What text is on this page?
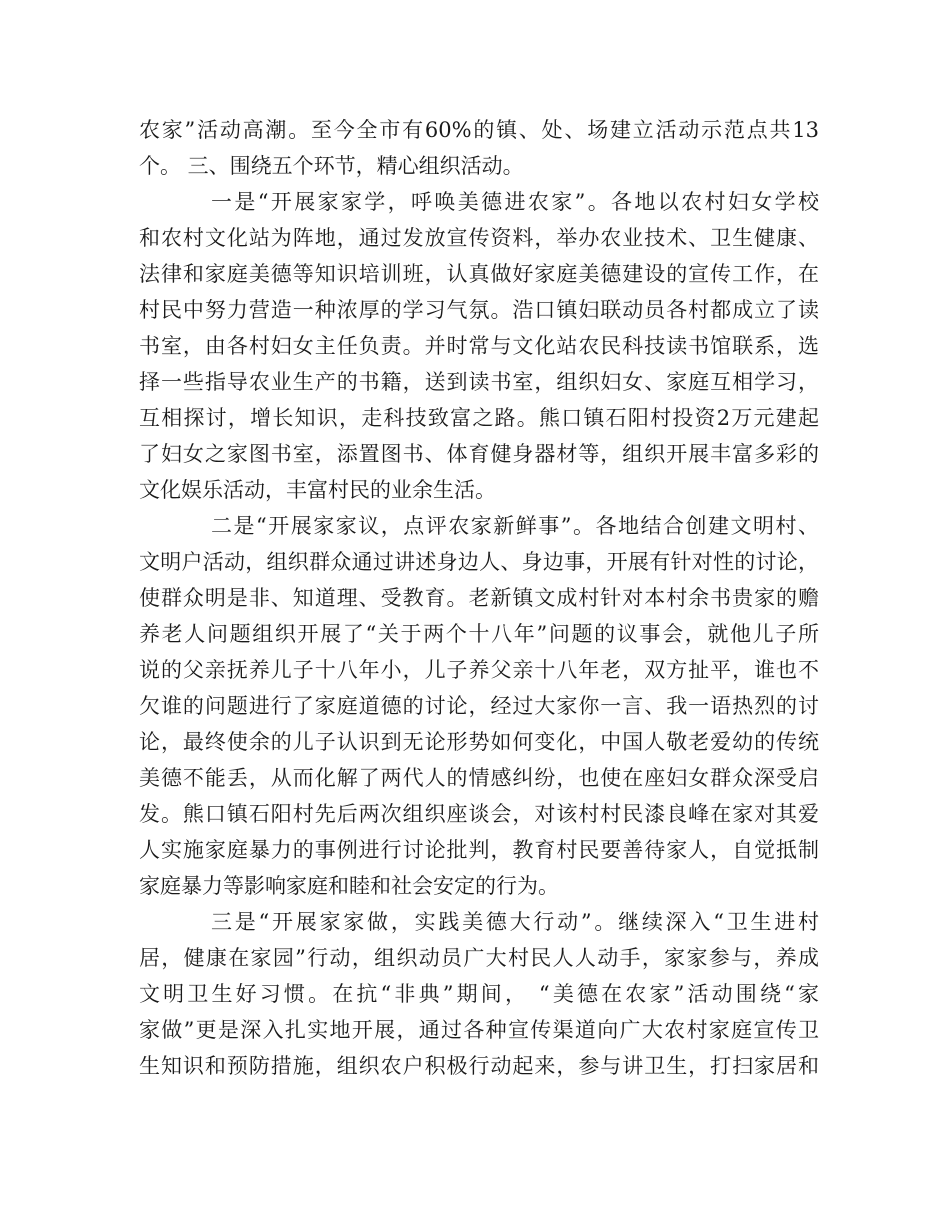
农家”活动高潮。至今全市有60%的镇、处、场建立活动示范点共13
个。 三、围绕五个环节，精心组织活动。
一是“开展家家学，呼唤美德进农家”。各地以农村妇女学校
和农村文化站为阵地，通过发放宣传资料，举办农业技术、卫生健康、
法律和家庭美德等知识培训班，认真做好家庭美德建设的宣传工作，在
村民中努力营造一种浓厚的学习气氛。浩口镇妇联动员各村都成立了读
书室，由各村妇女主任负责。并时常与文化站农民科技读书馆联系，选
择一些指导农业生产的书籍，送到读书室，组织妇女、家庭互相学习，
互相探讨，增长知识，走科技致富之路。熊口镇石阳村投资2万元建起
了妇女之家图书室，添置图书、体育健身器材等，组织开展丰富多彩的
文化娱乐活动，丰富村民的业余生活。
二是“开展家家议，点评农家新鲜事”。各地结合创建文明村、
文明户活动，组织群众通过讲述身边人、身边事，开展有针对性的讨论，
使群众明是非、知道理、受教育。老新镇文成村针对本村余书贵家的赡
养老人问题组织开展了“关于两个十八年”问题的议事会，就他儿子所
说的父亲抚养儿子十八年小，儿子养父亲十八年老，双方扯平，谁也不
欠谁的问题进行了家庭道德的讨论，经过大家你一言、我一语热烈的讨
论，最终使余的儿子认识到无论形势如何变化，中国人敬老爱幼的传统
美德不能丢，从而化解了两代人的情感纠纷，也使在座妇女群众深受启
发。熊口镇石阳村先后两次组织座谈会，对该村村民漆良峰在家对其爱
人实施家庭暴力的事例进行讨论批判，教育村民要善待家人，自觉抵制
家庭暴力等影响家庭和睦和社会安定的行为。
三是“开展家家做，实践美德大行动”。继续深入“卫生进村
居，健康在家园”行动，组织动员广大村民人人动手，家家参与，养成
文明卫生好习惯。在抗“非典”期间， “美德在农家”活动围绕“家
家做”更是深入扎实地开展，通过各种宣传渠道向广大农村家庭宣传卫
生知识和预防措施，组织农户积极行动起来，参与讲卫生，打扫家居和
